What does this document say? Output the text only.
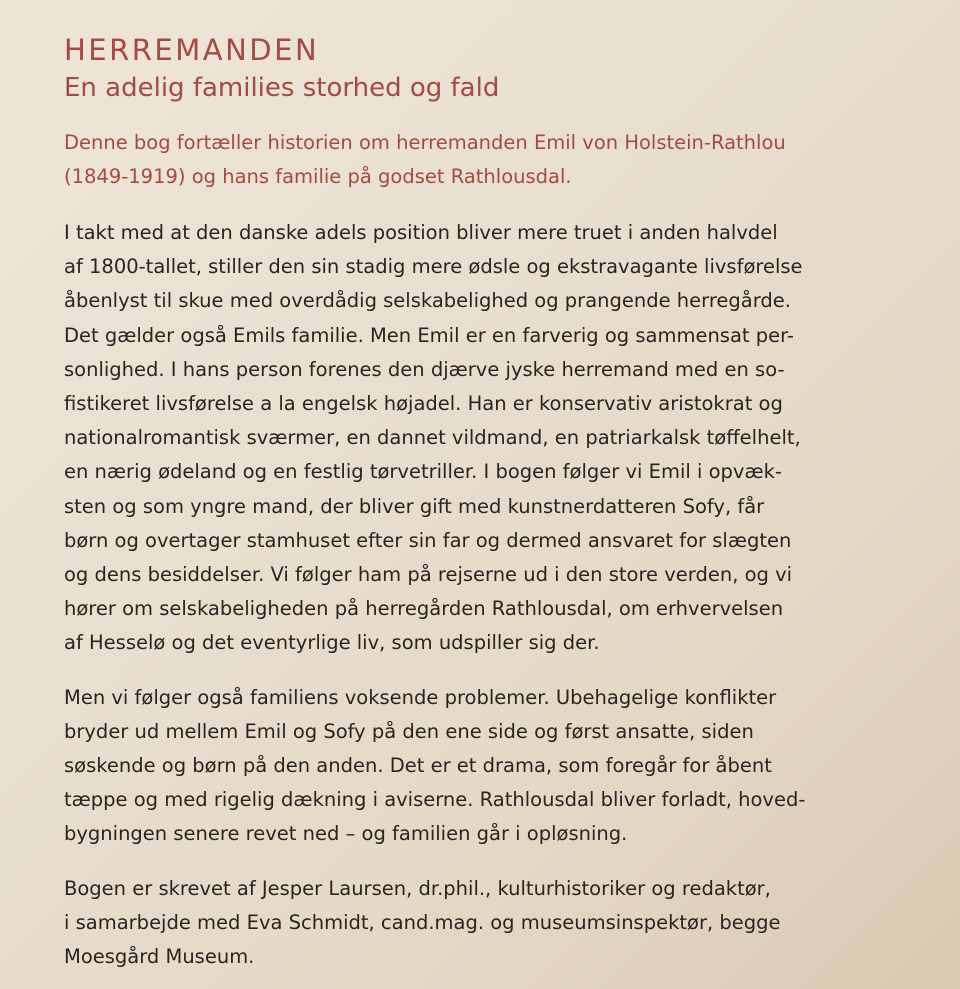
HERREMANDEN
En adelig families storhed og fald

Denne bog fortæller historien om herremanden Emil von Holstein-Rathlou
(1849-1919) og hans familie på godset Rathlousdal.

I takt med at den danske adels position bliver mere truet i anden halvdel
af 1800-tallet, stiller den sin stadig mere ødsle og ekstravagante livsførelse
åbenlyst til skue med overdådig selskabelighed og prangende herregårde.
Det gælder også Emils familie. Men Emil er en farverig og sammensat per-
sonlighed. I hans person forenes den djærve jyske herremand med en so-
fistikeret livsførelse a la engelsk højadel. Han er konservativ aristokrat og
nationalromantisk sværmer, en dannet vildmand, en patriarkalsk tøffelhelt,
en nærig ødeland og en festlig tørvetriller. I bogen følger vi Emil i opvæk-
sten og som yngre mand, der bliver gift med kunstnerdatteren Sofy, får
børn og overtager stamhuset efter sin far og dermed ansvaret for slægten
og dens besiddelser. Vi følger ham på rejserne ud i den store verden, og vi
hører om selskabeligheden på herregården Rathlousdal, om erhvervelsen
af Hesselø og det eventyrlige liv, som udspiller sig der.

Men vi følger også familiens voksende problemer. Ubehagelige konflikter
bryder ud mellem Emil og Sofy på den ene side og først ansatte, siden
søskende og børn på den anden. Det er et drama, som foregår for åbent
tæppe og med rigelig dækning i aviserne. Rathlousdal bliver forladt, hoved-
bygningen senere revet ned – og familien går i opløsning.

Bogen er skrevet af Jesper Laursen, dr.phil., kulturhistoriker og redaktør,
i samarbejde med Eva Schmidt, cand.mag. og museumsinspektør, begge
Moesgård Museum.
